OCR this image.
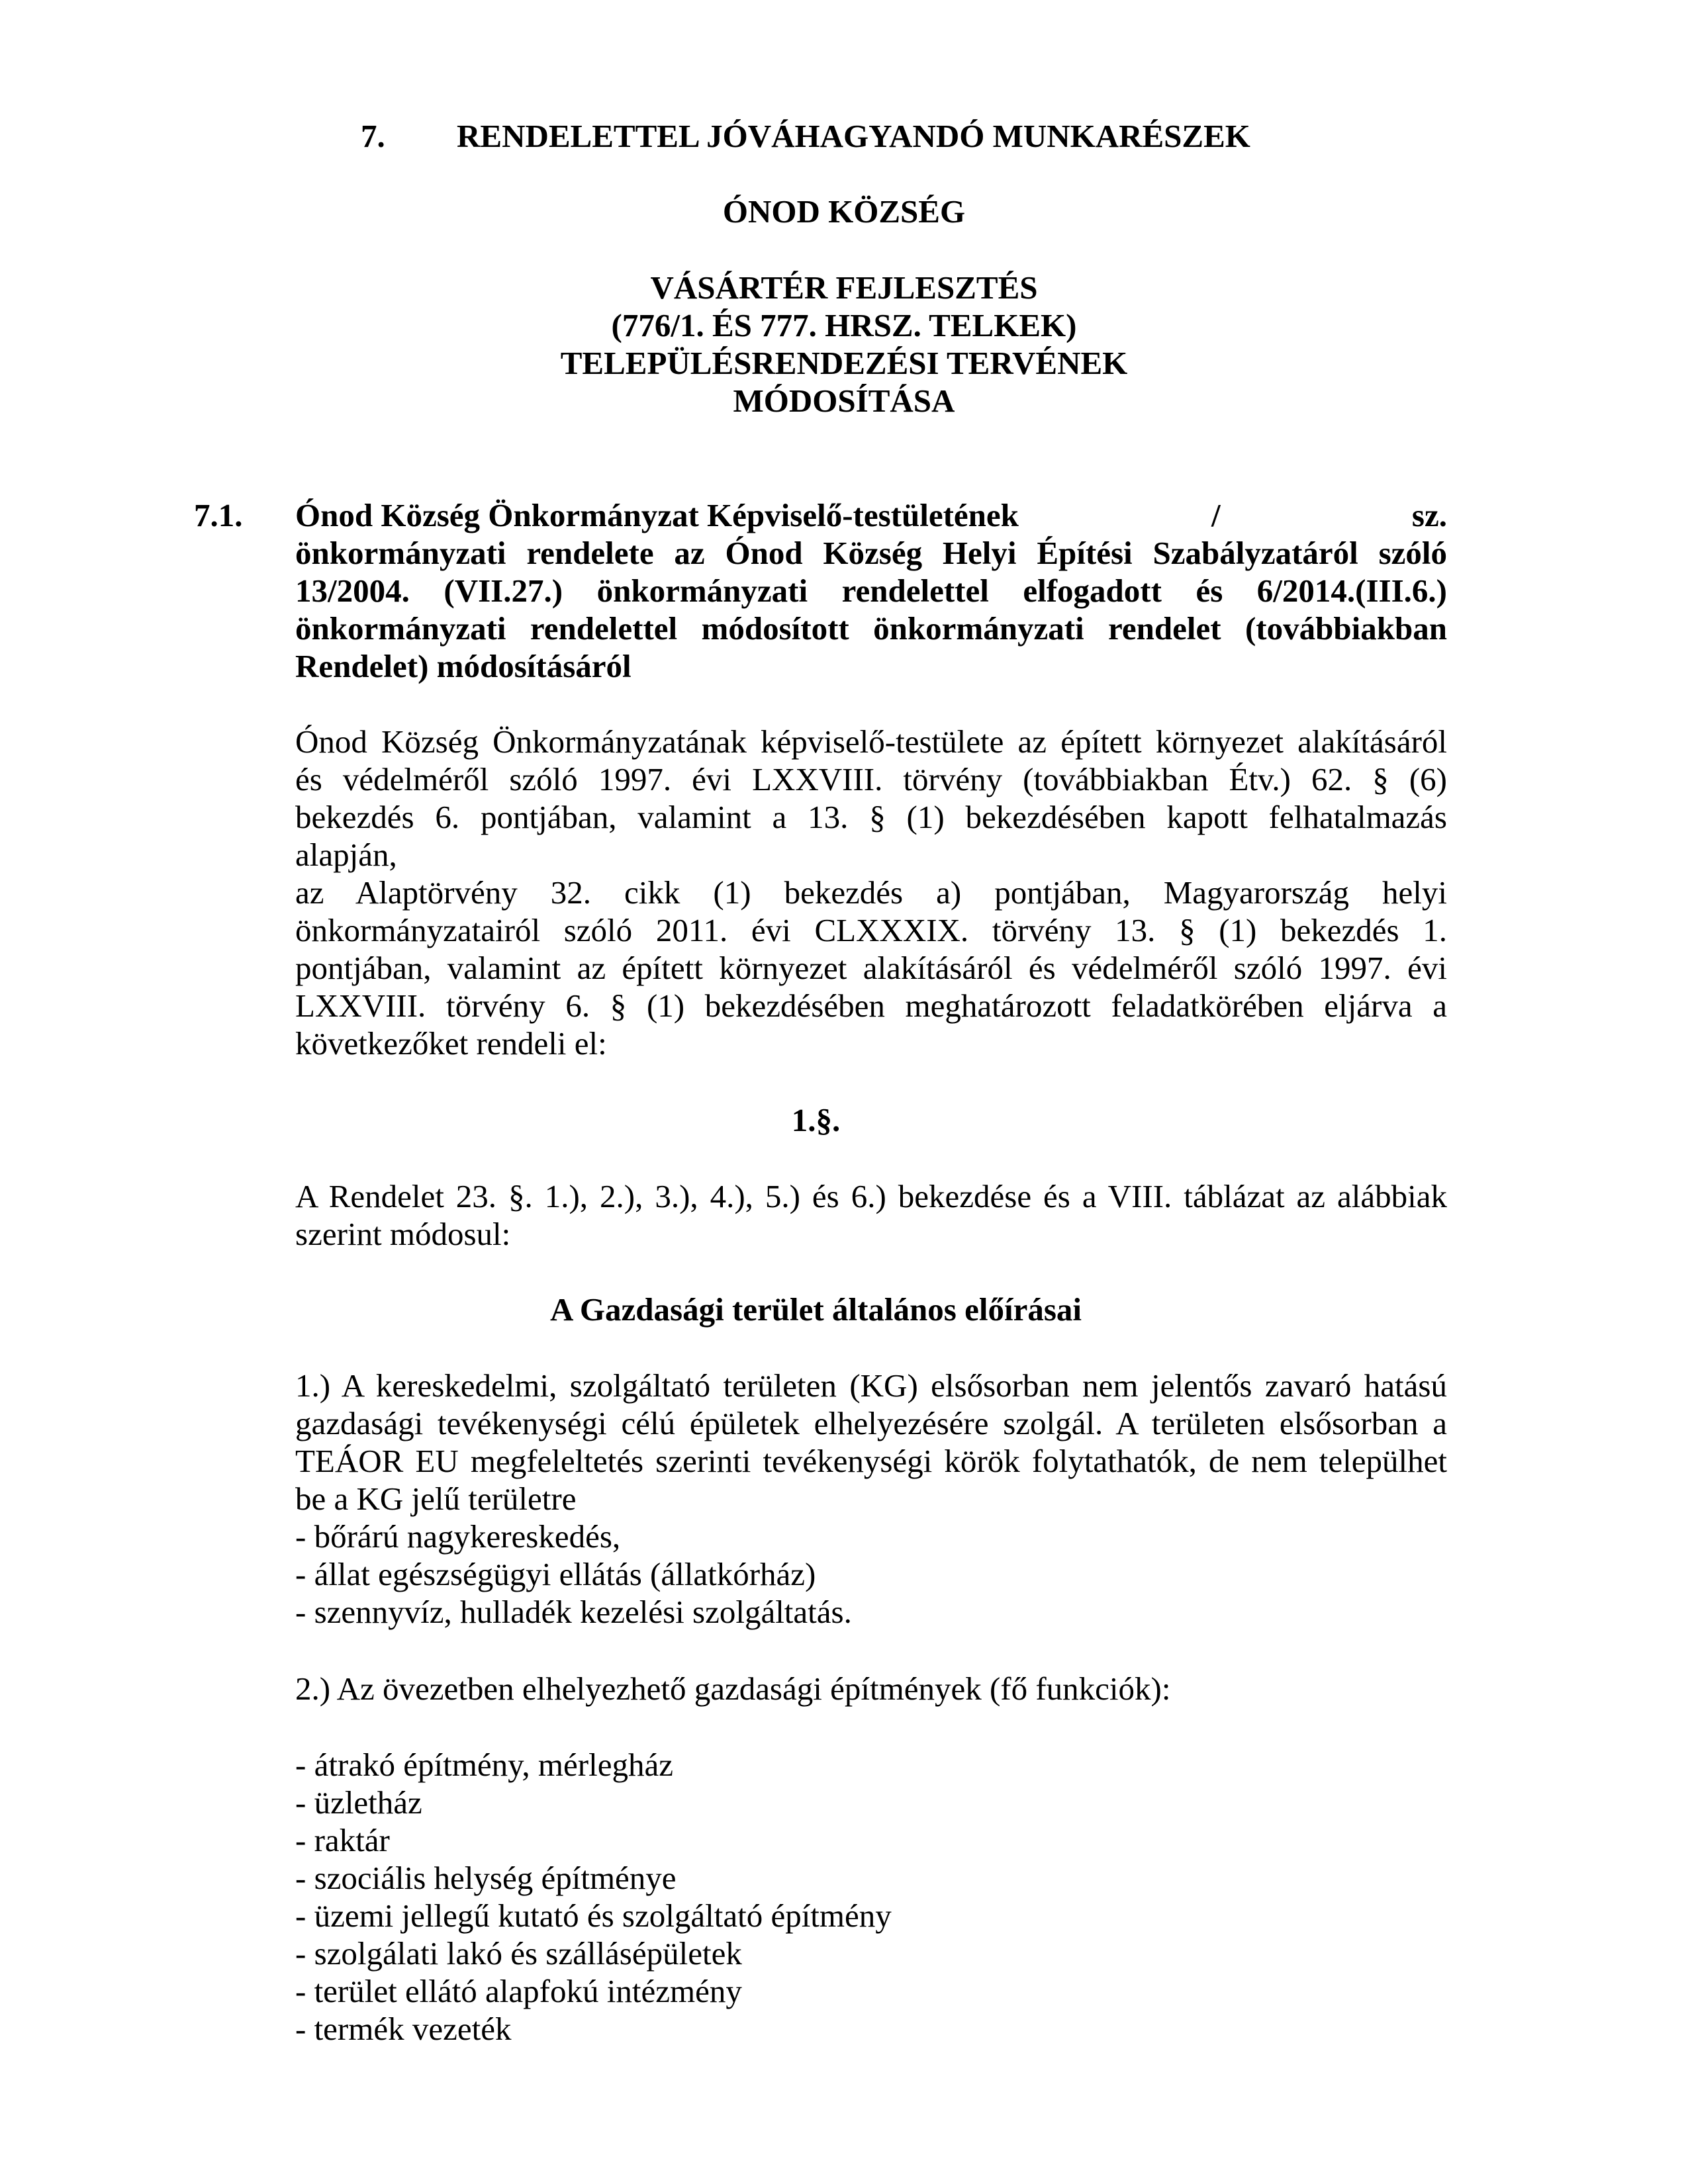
7. RENDELETTEL JÓVÁHAGYANDÓ MUNKARÉSZEK
ÓNOD KÖZSÉG
VÁSÁRTÉR FEJLESZTÉS
(776/1. ÉS 777. HRSZ. TELKEK)
TELEPÜLÉSRENDEZÉSI TERVÉNEK
MÓDOSÍTÁSA
7.1. Ónod Község Önkormányzat Képviselő-testületének	/	sz.
önkormányzati rendelete az Ónod Község Helyi Építési Szabályzatáról szóló
13/2004. (VII.27.) önkormányzati rendelettel elfogadott és 6/2014.(III.6.)
önkormányzati rendelettel módosított önkormányzati rendelet (továbbiakban
Rendelet) módosításáról
Ónod Község Önkormányzatának képviselő-testülete az épített környezet alakításáról
és védelméről szóló 1997. évi LXXVIII. törvény (továbbiakban Étv.) 62. § (6)
bekezdés 6. pontjában, valamint a 13. § (1) bekezdésében kapott felhatalmazás
alapján,
az Alaptörvény 32. cikk (1) bekezdés a) pontjában, Magyarország helyi
önkormányzatairól szóló 2011. évi CLXXXIX. törvény 13. § (1) bekezdés 1.
pontjában, valamint az épített környezet alakításáról és védelméről szóló 1997. évi
LXXVIII. törvény 6. § (1) bekezdésében meghatározott feladatkörében eljárva a
következőket rendeli el:
1.§.
A Rendelet 23. §. 1.), 2.), 3.), 4.), 5.) és 6.) bekezdése és a VIII. táblázat az alábbiak
szerint módosul:
A Gazdasági terület általános előírásai
1.) A kereskedelmi, szolgáltató területen (KG) elsősorban nem jelentős zavaró hatású
gazdasági tevékenységi célú épületek elhelyezésére szolgál. A területen elsősorban a
TEÁOR EU megfeleltetés szerinti tevékenységi körök folytathatók, de nem települhet
be a KG jelű területre
- bőrárú nagykereskedés,
- állat egészségügyi ellátás (állatkórház)
- szennyvíz, hulladék kezelési szolgáltatás.
2.) Az övezetben elhelyezhető gazdasági építmények (fő funkciók):
- átrakó építmény, mérlegház
- üzletház
- raktár
- szociális helység építménye
- üzemi jellegű kutató és szolgáltató építmény
- szolgálati lakó és szállásépületek
- terület ellátó alapfokú intézmény
- termék vezeték
